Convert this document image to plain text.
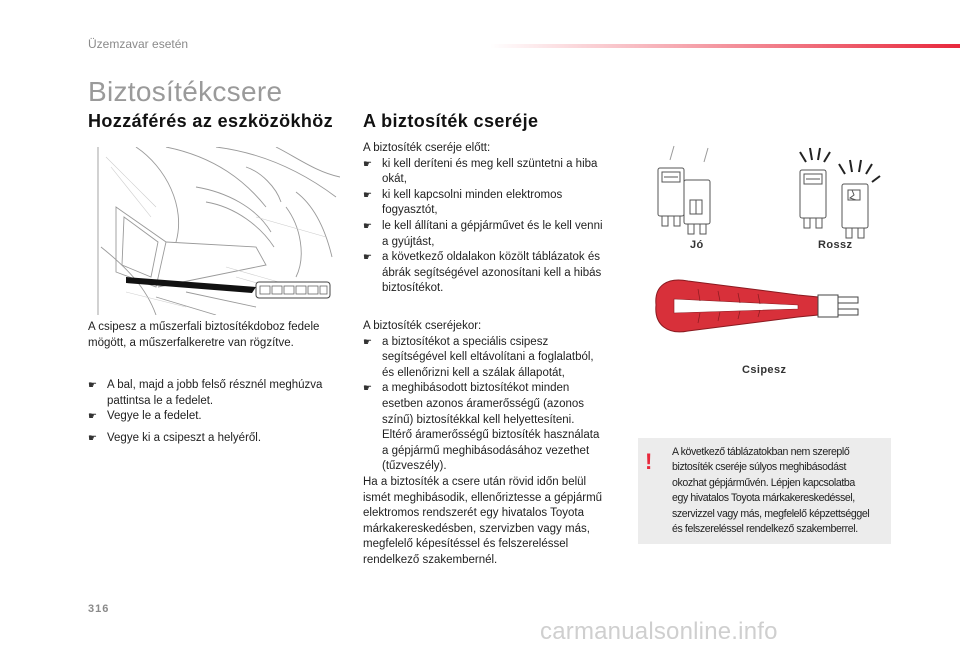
Üzemzavar esetén
Biztosítékcsere
Hozzáférés az eszközökhöz
A csipesz a műszerfali biztosítékdoboz fedele
mögött, a műszerfalkeretre van rögzítve.
☛ A bal, majd a jobb felső résznél meghúzva
pattintsa le a fedelet.
☛ Vegye le a fedelet.
☛ Vegye ki a csipeszt a helyéről.
A biztosíték cseréje
A biztosíték cseréje előtt:
☛ ki kell deríteni és meg kell szüntetni a hiba
okát,
☛ ki kell kapcsolni minden elektromos
fogyasztót,
☛ le kell állítani a gépjárművet és le kell venni
a gyújtást,
☛ a következő oldalakon közölt táblázatok és
ábrák segítségével azonosítani kell a hibás
biztosítékot.
A biztosíték cseréjekor:
☛ a biztosítékot a speciális csipesz
segítségével kell eltávolítani a foglalatból,
és ellenőrizni kell a szálak állapotát,
☛ a meghibásodott biztosítékot minden
esetben azonos áramerősségű (azonos
színű) biztosítékkal kell helyettesíteni.
Eltérő áramerősségű biztosíték használata
a gépjármű meghibásodásához vezethet
(tűzveszély).
Ha a biztosíték a csere után rövid időn belül
ismét meghibásodik, ellenőriztesse a gépjármű
elektromos rendszerét egy hivatalos Toyota
márkakereskedésben, szervizben vagy más,
megfelelő képesítéssel és felszereléssel
rendelkező szakembernél.
Jó	Rossz
Csipesz
! A következő táblázatokban nem szereplő
biztosíték cseréje súlyos meghibásodást
okozhat gépjárművén. Lépjen kapcsolatba
egy hivatalos Toyota márkakereskedéssel,
szervizzel vagy más, megfelelő képzettséggel
és felszereléssel rendelkező szakemberrel.
316
carmanualsonline.info
